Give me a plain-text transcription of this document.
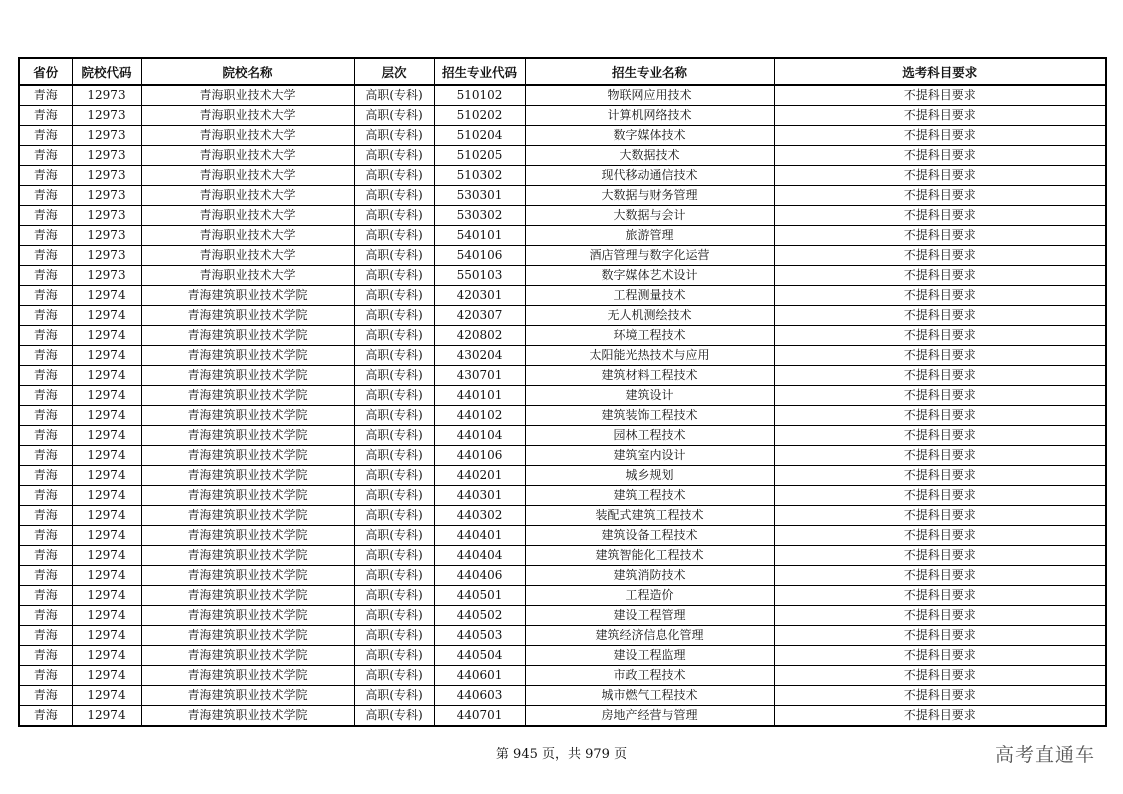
省份	院校代码	院校名称	层次	招生专业代码	招生专业名称	选考科目要求
青海	12973	青海职业技术大学	高职(专科)	510102	物联网应用技术	不提科目要求
青海	12973	青海职业技术大学	高职(专科)	510202	计算机网络技术	不提科目要求
青海	12973	青海职业技术大学	高职(专科)	510204	数字媒体技术	不提科目要求
青海	12973	青海职业技术大学	高职(专科)	510205	大数据技术	不提科目要求
青海	12973	青海职业技术大学	高职(专科)	510302	现代移动通信技术	不提科目要求
青海	12973	青海职业技术大学	高职(专科)	530301	大数据与财务管理	不提科目要求
青海	12973	青海职业技术大学	高职(专科)	530302	大数据与会计	不提科目要求
青海	12973	青海职业技术大学	高职(专科)	540101	旅游管理	不提科目要求
青海	12973	青海职业技术大学	高职(专科)	540106	酒店管理与数字化运营	不提科目要求
青海	12973	青海职业技术大学	高职(专科)	550103	数字媒体艺术设计	不提科目要求
青海	12974	青海建筑职业技术学院	高职(专科)	420301	工程测量技术	不提科目要求
青海	12974	青海建筑职业技术学院	高职(专科)	420307	无人机测绘技术	不提科目要求
青海	12974	青海建筑职业技术学院	高职(专科)	420802	环境工程技术	不提科目要求
青海	12974	青海建筑职业技术学院	高职(专科)	430204	太阳能光热技术与应用	不提科目要求
青海	12974	青海建筑职业技术学院	高职(专科)	430701	建筑材料工程技术	不提科目要求
青海	12974	青海建筑职业技术学院	高职(专科)	440101	建筑设计	不提科目要求
青海	12974	青海建筑职业技术学院	高职(专科)	440102	建筑装饰工程技术	不提科目要求
青海	12974	青海建筑职业技术学院	高职(专科)	440104	园林工程技术	不提科目要求
青海	12974	青海建筑职业技术学院	高职(专科)	440106	建筑室内设计	不提科目要求
青海	12974	青海建筑职业技术学院	高职(专科)	440201	城乡规划	不提科目要求
青海	12974	青海建筑职业技术学院	高职(专科)	440301	建筑工程技术	不提科目要求
青海	12974	青海建筑职业技术学院	高职(专科)	440302	装配式建筑工程技术	不提科目要求
青海	12974	青海建筑职业技术学院	高职(专科)	440401	建筑设备工程技术	不提科目要求
青海	12974	青海建筑职业技术学院	高职(专科)	440404	建筑智能化工程技术	不提科目要求
青海	12974	青海建筑职业技术学院	高职(专科)	440406	建筑消防技术	不提科目要求
青海	12974	青海建筑职业技术学院	高职(专科)	440501	工程造价	不提科目要求
青海	12974	青海建筑职业技术学院	高职(专科)	440502	建设工程管理	不提科目要求
青海	12974	青海建筑职业技术学院	高职(专科)	440503	建筑经济信息化管理	不提科目要求
青海	12974	青海建筑职业技术学院	高职(专科)	440504	建设工程监理	不提科目要求
青海	12974	青海建筑职业技术学院	高职(专科)	440601	市政工程技术	不提科目要求
青海	12974	青海建筑职业技术学院	高职(专科)	440603	城市燃气工程技术	不提科目要求
青海	12974	青海建筑职业技术学院	高职(专科)	440701	房地产经营与管理	不提科目要求
第 945 页，共 979 页	高考直通车
